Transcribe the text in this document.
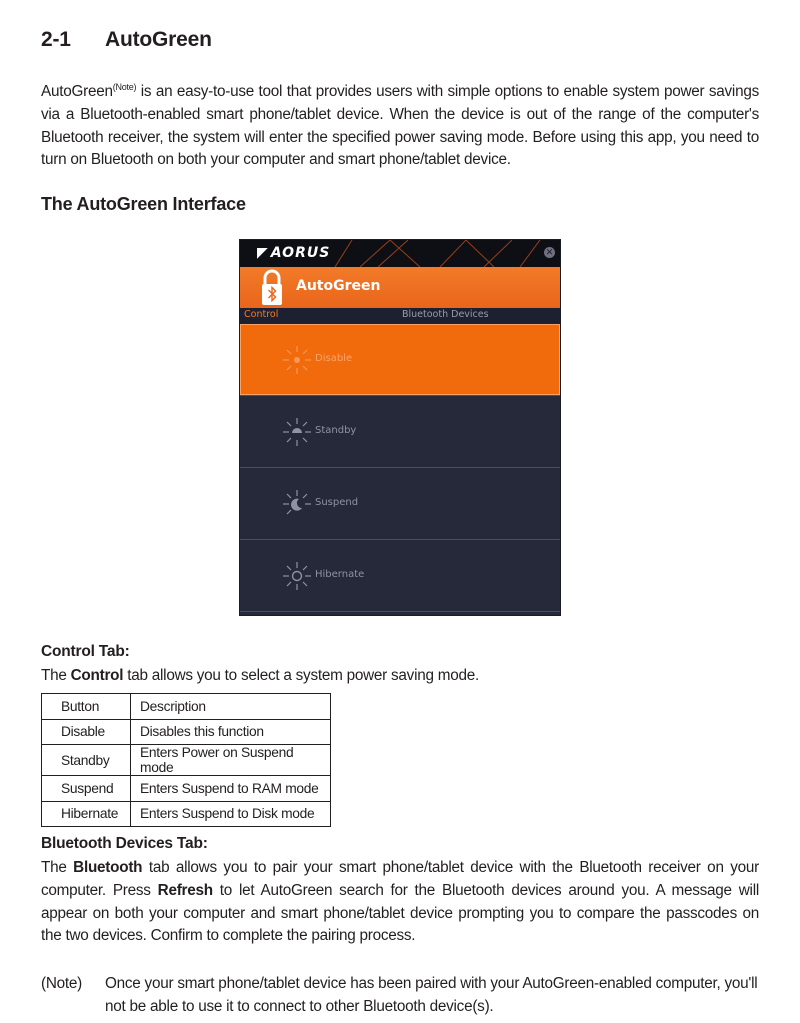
2-1 AutoGreen

AutoGreen$^{(Note)}$ is an easy-to-use tool that provides users with simple options to enable system power savings via a Bluetooth-enabled smart phone/tablet device. When the device is out of the range of the computer's Bluetooth receiver, the system will enter the specified power saving mode. Before using this app, you need to turn on Bluetooth on both your computer and smart phone/tablet device.

The AutoGreen Interface
◤ AORUS	✕
AutoGreen
Control	Bluetooth Devices
Disable
Standby
Suspend
Hibernate
Control Tab:

The Control tab allows you to select a system power saving mode.

Button	Description
Disable	Disables this function
Standby	Enters Power on Suspend mode
Suspend	Enters Suspend to RAM mode
Hibernate	Enters Suspend to Disk mode
Bluetooth Devices Tab:

The Bluetooth tab allows you to pair your smart phone/tablet device with the Bluetooth receiver on your computer. Press Refresh to let AutoGreen search for the Bluetooth devices around you. A message will appear on both your computer and smart phone/tablet device prompting you to compare the passcodes on the two devices. Confirm to complete the pairing process.

(Note) Once your smart phone/tablet device has been paired with your AutoGreen-enabled computer, you'll not be able to use it to connect to other Bluetooth device(s).
